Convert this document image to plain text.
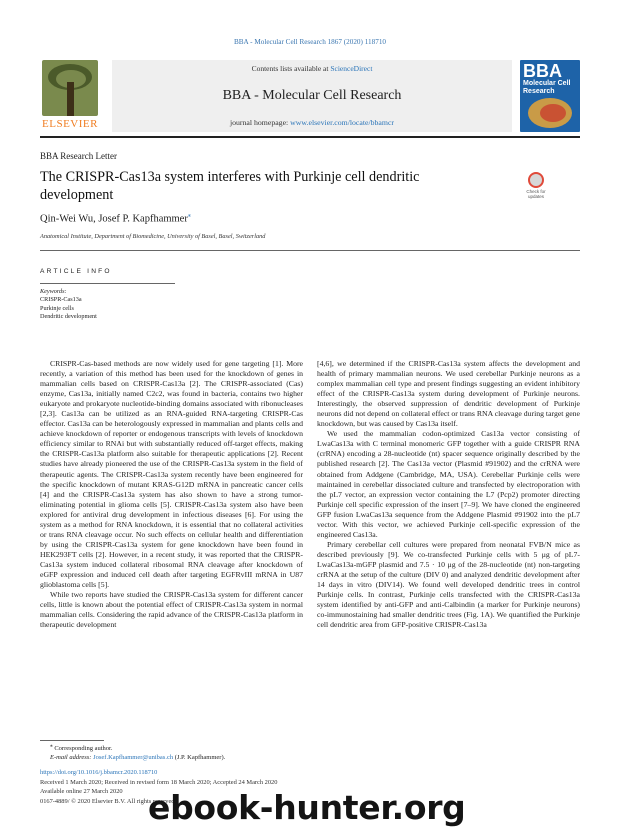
BBA - Molecular Cell Research 1867 (2020) 118710
ELSEVIER
Contents lists available at ScienceDirect
BBA - Molecular Cell Research
journal homepage: www.elsevier.com/locate/bbamcr
BBA
Molecular Cell Research
BBA Research Letter
The CRISPR-Cas13a system interferes with Purkinje cell dendritic development	Check for updates
Qin-Wei Wu, Josef P. Kapfhammer⁎
Anatomical Institute, Department of Biomedicine, University of Basel, Basel, Switzerland
ARTICLE INFO
Keywords:
CRISPR-Cas13a
Purkinje cells
Dendritic development

CRISPR-Cas-based methods are now widely used for gene targeting [1]. More recently, a variation of this method has been used for the knockdown of genes in mammalian cells based on CRISPR-Cas13a [2]. The CRISPR-associated (Cas) enzyme, Cas13a, initially named C2c2, was found in bacteria, contains two higher eukaryote and prokaryote nucleotide-binding domains associated with ribonucleases [2,3]. Cas13a can be utilized as an RNA-guided RNA-targeting CRISPR-Cas effector. Cas13a can be heterologously expressed in mammalian and plants cells and achieve knockdown of reporter or endogenous transcripts with levels of knockdown efficiency similar to RNAi but with substantially reduced off-target effects, making the CRISPR-Cas13a platform also suitable for therapeutic applications [2]. Recent studies have already pioneered the use of the CRISPR-Cas13a system in the field of therapeutic agents. The CRISPR-Cas13a system recently have been engineered for the specific knockdown of mutant KRAS-G12D mRNA in pancreatic cancer cells [4] and the CRISPR-Cas13a system has also shown to have a strong tumor-eliminating potential in glioma cells [5]. CRISPR-Cas13a system also have been explored for antiviral drug development in infectious diseases [6]. For using the system as a method for RNA knockdown, it is essential that no collateral activities or trans RNA cleavage occur. No such effects on cellular health and differentiation by using the CRISPR-Cas13a system for gene knockdown have been found in HEK293FT cells [2]. However, in a recent study, it was reported that the CRISPR-Cas13a system induced collateral ribosomal RNA cleavage after knockdown of eGFP expression and induced cell death after targeting EGFRvIII mRNA in U87 glioblastoma cells [5].

While two reports have studied the CRISPR-Cas13a system for different cancer cells, little is known about the potential effect of CRISPR-Cas13a system in normal mammalian cells. Considering the rapid advance of the CRISPR-Cas13a platform in therapeutic development

[4,6], we determined if the CRISPR-Cas13a system affects the development and health of primary mammalian neurons. We used cerebellar Purkinje neurons as a complex mammalian cell type and present findings suggesting an evident inhibitory effect of the CRISPR-Cas13a system during development of Purkinje neurons. Interestingly, the observed suppression of dendritic development of Purkinje neurons did not depend on collateral effect or trans RNA cleavage during target gene knockdown, but was caused by Cas13a itself.

We used the mammalian codon-optimized Cas13a vector consisting of LwaCas13a with C terminal monomeric GFP together with a guide CRISPR RNA (crRNA) encoding a 28-nucleotide (nt) spacer sequence originally described by the published research [2]. The Cas13a vector (Plasmid #91902) and the crRNA were obtained from Addgene (Cambridge, MA, USA). Cerebellar Purkinje cells were maintained in cerebellar dissociated culture and transfected by electroporation with the pL7 vector, an expression vector containing the L7 (Pcp2) promoter directing Purkinje cell specific expression of the insert [7–9]. We have cloned the engineered GFP fusion LwaCas13a sequence from the Addgene Plasmid #91902 into the pL7 vector. With this vector, we achieved Purkinje cell-specific expression of the engineered Cas13a.

Primary cerebellar cell cultures were prepared from neonatal FVB/N mice as described previously [9]. We co-transfected Purkinje cells with 5 μg of pL7-LwaCas13a-mGFP plasmid and 7.5 · 10 μg of the 28-nucleotide (nt) non-targeting crRNA at the setup of the culture (DIV 0) and analyzed dendritic development after 14 days in vitro (DIV14). We found well developed dendritic trees in control Purkinje cells. In contrast, Purkinje cells transfected with the CRISPR-Cas13a system identified by anti-GFP and anti-Calbindin (a marker for Purkinje neurons) co-immunostaining had smaller dendritic trees (Fig. 1A). We quantified the Purkinje cell dendritic area from GFP-positive CRISPR-Cas13a

⁎ Corresponding author.
E-mail address: Josef.Kapfhammer@unibas.ch (J.P. Kapfhammer).
https://doi.org/10.1016/j.bbamcr.2020.118710
Received 1 March 2020; Received in revised form 18 March 2020; Accepted 24 March 2020
Available online 27 March 2020
0167-4889/ © 2020 Elsevier B.V. All rights reserved.
ebook-hunter.org
